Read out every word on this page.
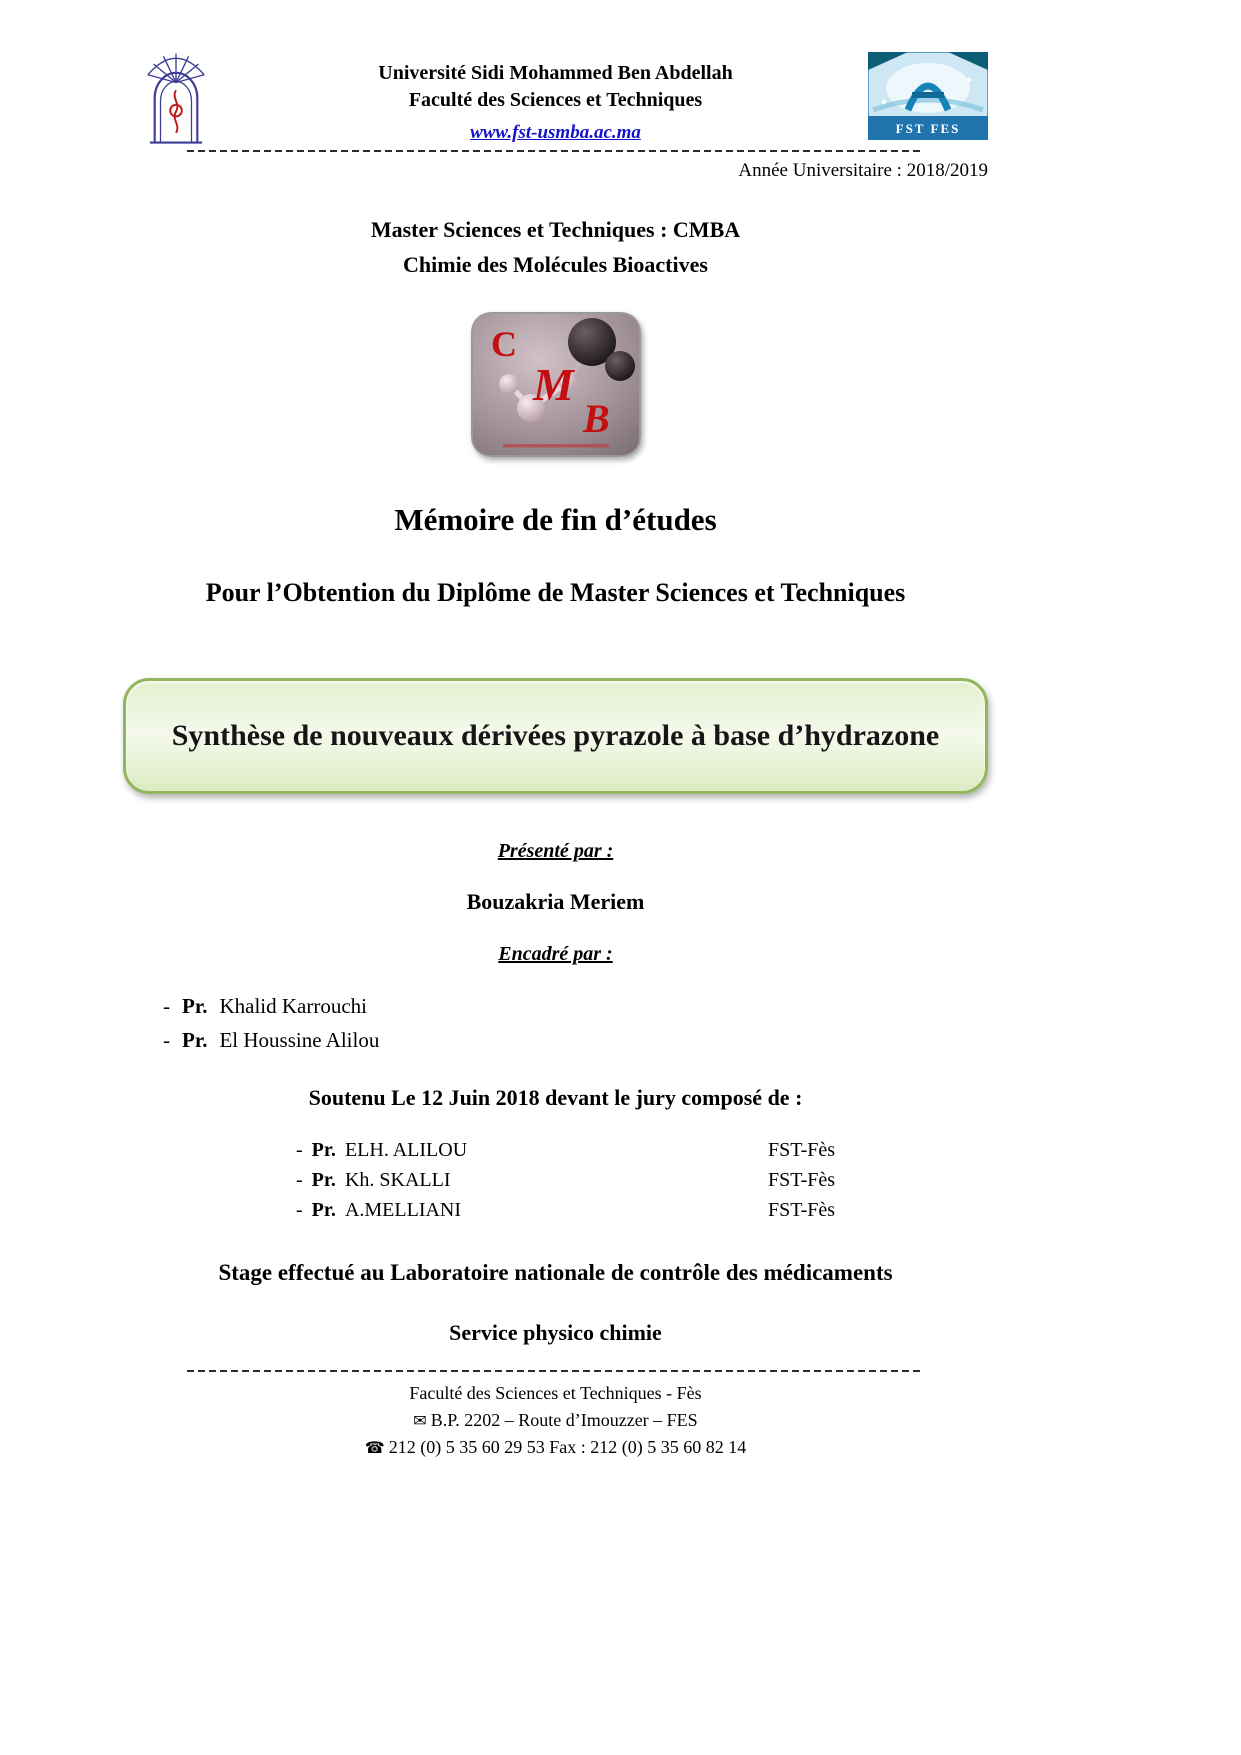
Université Sidi Mohammed Ben Abdellah
Faculté des Sciences et Techniques
www.fst-usmba.ac.ma	FST FES
Année Universitaire : 2018/2019
Master Sciences et Techniques : CMBA
Chimie des Molécules Bioactives
C
M
B
Mémoire de fin d’études
Pour l’Obtention du Diplôme de Master Sciences et Techniques
Synthèse de nouveaux dérivées pyrazole à base d’hydrazone
Présenté par :
Bouzakria Meriem
Encadré par :
- Pr. Khalid Karrouchi
- Pr. El Houssine Alilou
Soutenu Le 12 Juin 2018 devant le jury composé de :
- Pr. ELH. ALILOU	FST-Fès
- Pr. Kh. SKALLI	FST-Fès
- Pr. A.MELLIANI	FST-Fès
Stage effectué au Laboratoire nationale de contrôle des médicaments
Service physico chimie
Faculté des Sciences et Techniques - Fès
✉ B.P. 2202 – Route d’Imouzzer – FES
☎ 212 (0) 5 35 60 29 53 Fax : 212 (0) 5 35 60 82 14
